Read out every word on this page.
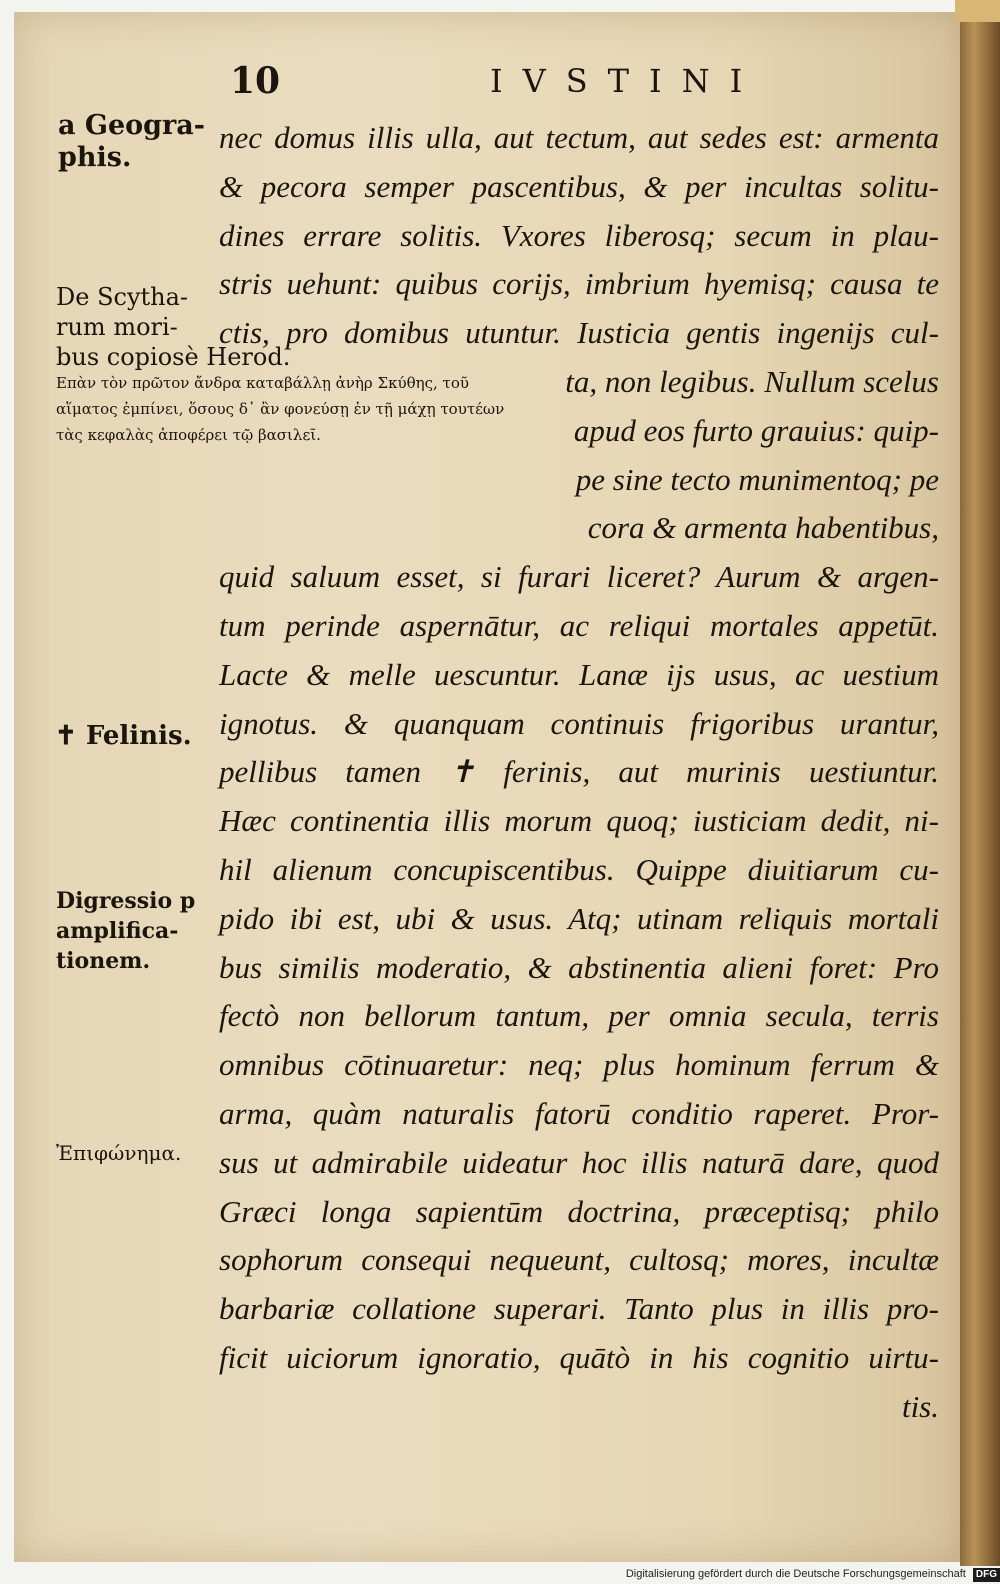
10	IVSTINI
a Geogra-
phis.
De Scytha-
rum mori-
bus copiosè Herod.
Επὰν τὸν πρῶτον ἄνδρα καταβάλλῃ ἀνὴρ Σκύθης, τοῦ αἵματος ἐμπίνει, ὅσους δ᾽ ἂν φονεύσῃ ἐν τῇ μάχῃ τουτέων τὰς κεφαλὰς ἀποφέρει τῷ βασιλεῖ.
✝ Felinis.
Digressio p
amplifica-
tionem.
Ἐπιφώνημα.
nec domus illis ulla, aut tectum, aut sedes est: armenta
& pecora semper pascentibus, & per incultas solitu-
dines errare solitis. Vxores liberosq; secum in plau-
stris uehunt: quibus corijs, imbrium hyemisq; causa te
ctis, pro domibus utuntur. Iusticia gentis ingenijs cul-
ta, non legibus. Nullum scelus
apud eos furto grauius: quip-
pe sine tecto munimentoq; pe
cora & armenta habentibus,
quid saluum esset, si furari liceret? Aurum & argen-
tum perinde aspernātur, ac reliqui mortales appetūt.
Lacte & melle uescuntur. Lanæ ijs usus, ac uestium
ignotus. & quanquam continuis frigoribus urantur,
pellibus tamen ✝ ferinis, aut murinis uestiuntur.
Hæc continentia illis morum quoq; iusticiam dedit, ni-
hil alienum concupiscentibus. Quippe diuitiarum cu-
pido ibi est, ubi & usus. Atq; utinam reliquis mortali
bus similis moderatio, & abstinentia alieni foret: Pro
fectò non bellorum tantum, per omnia secula, terris
omnibus cōtinuaretur: neq; plus hominum ferrum &
arma, quàm naturalis fatorū conditio raperet. Pror-
sus ut admirabile uideatur hoc illis naturā dare, quod
Græci longa sapientūm doctrina, præceptisq; philo
sophorum consequi nequeunt, cultosq; mores, incultæ
barbariæ collatione superari. Tanto plus in illis pro-
ficit uiciorum ignoratio, quātò in his cognitio uirtu-
tis.
Digitalisierung gefördert durch die Deutsche Forschungsgemeinschaft DFG
